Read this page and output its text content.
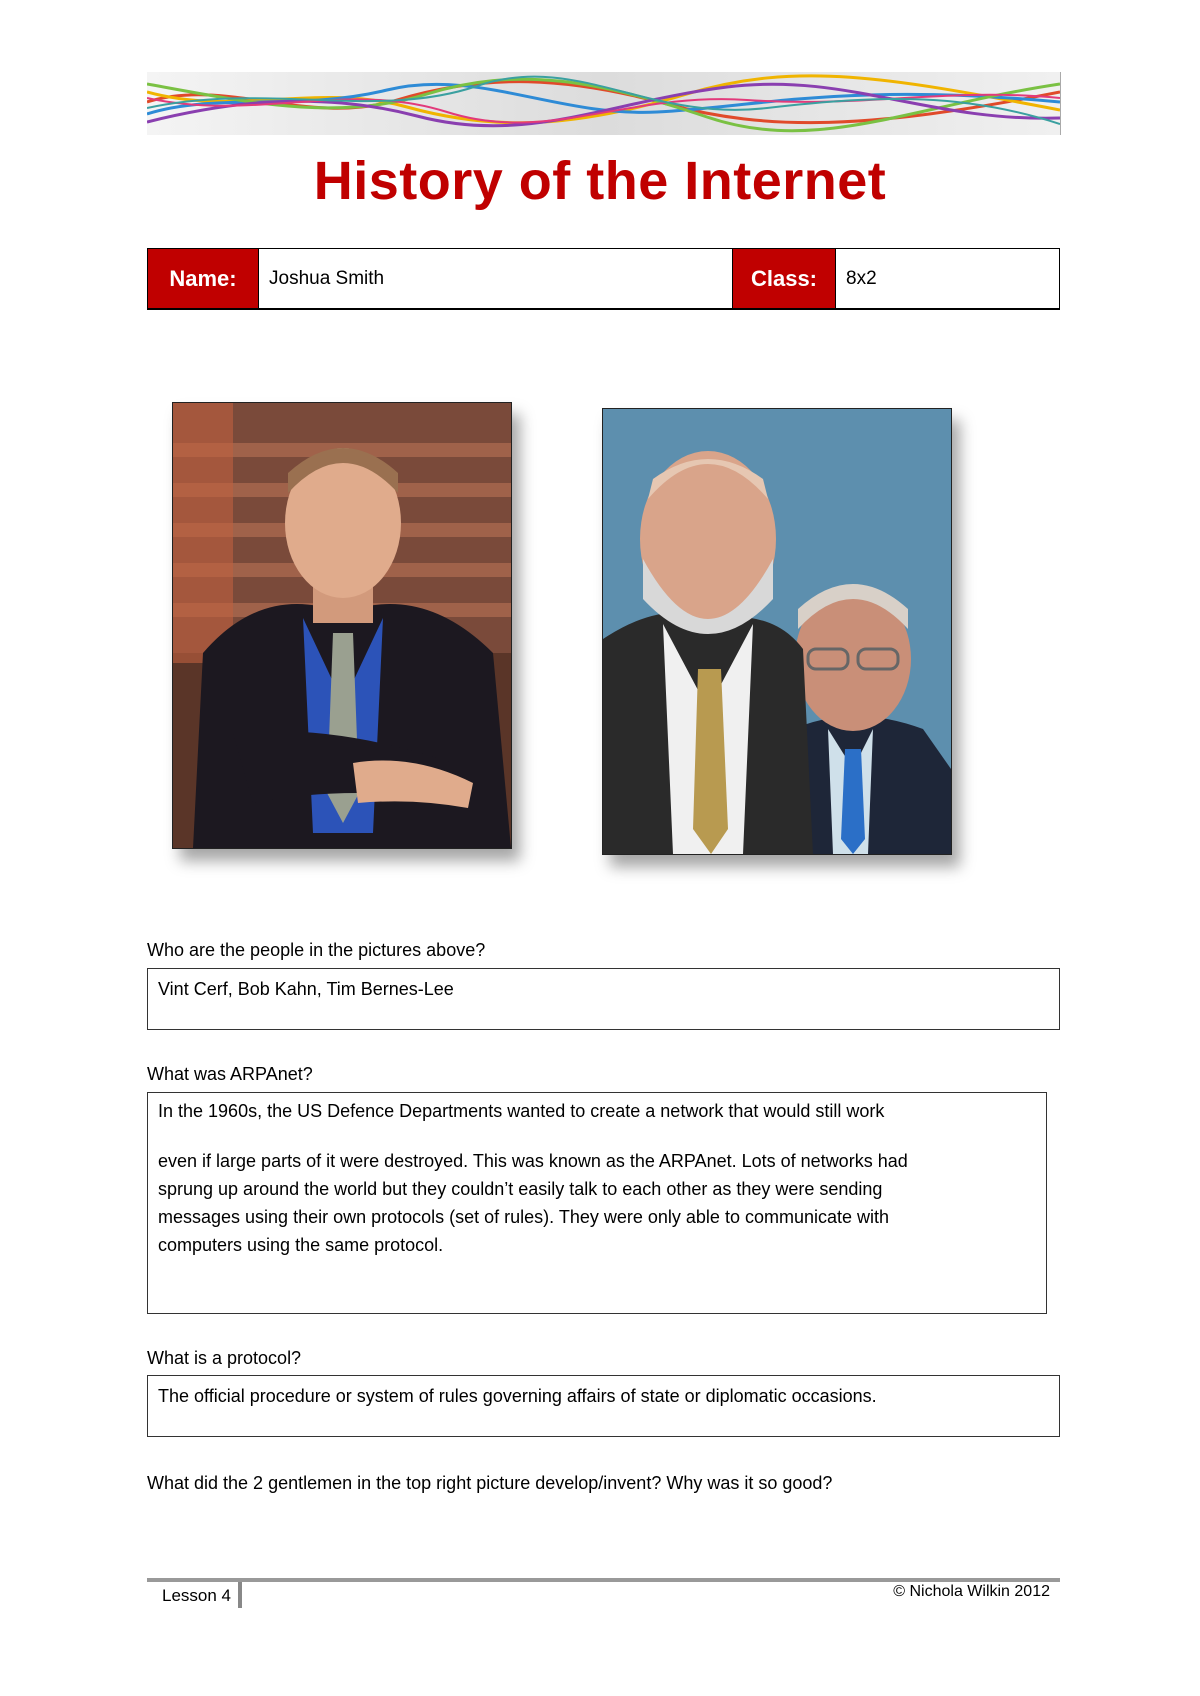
History of the Internet
Name:	Joshua Smith	Class:	8x2
Who are the people in the pictures above?
Vint Cerf, Bob Kahn, Tim Bernes-Lee
What was ARPAnet?
In the 1960s, the US Defence Departments wanted to create a network that would still work
even if large parts of it were destroyed. This was known as the ARPAnet. Lots of networks had
sprung up around the world but they couldn’t easily talk to each other as they were sending
messages using their own protocols (set of rules). They were only able to communicate with
computers using the same protocol.
What is a protocol?
The official procedure or system of rules governing affairs of state or diplomatic occasions.
What did the 2 gentlemen in the top right picture develop/invent? Why was it so good?
Lesson 4	© Nichola Wilkin 2012
